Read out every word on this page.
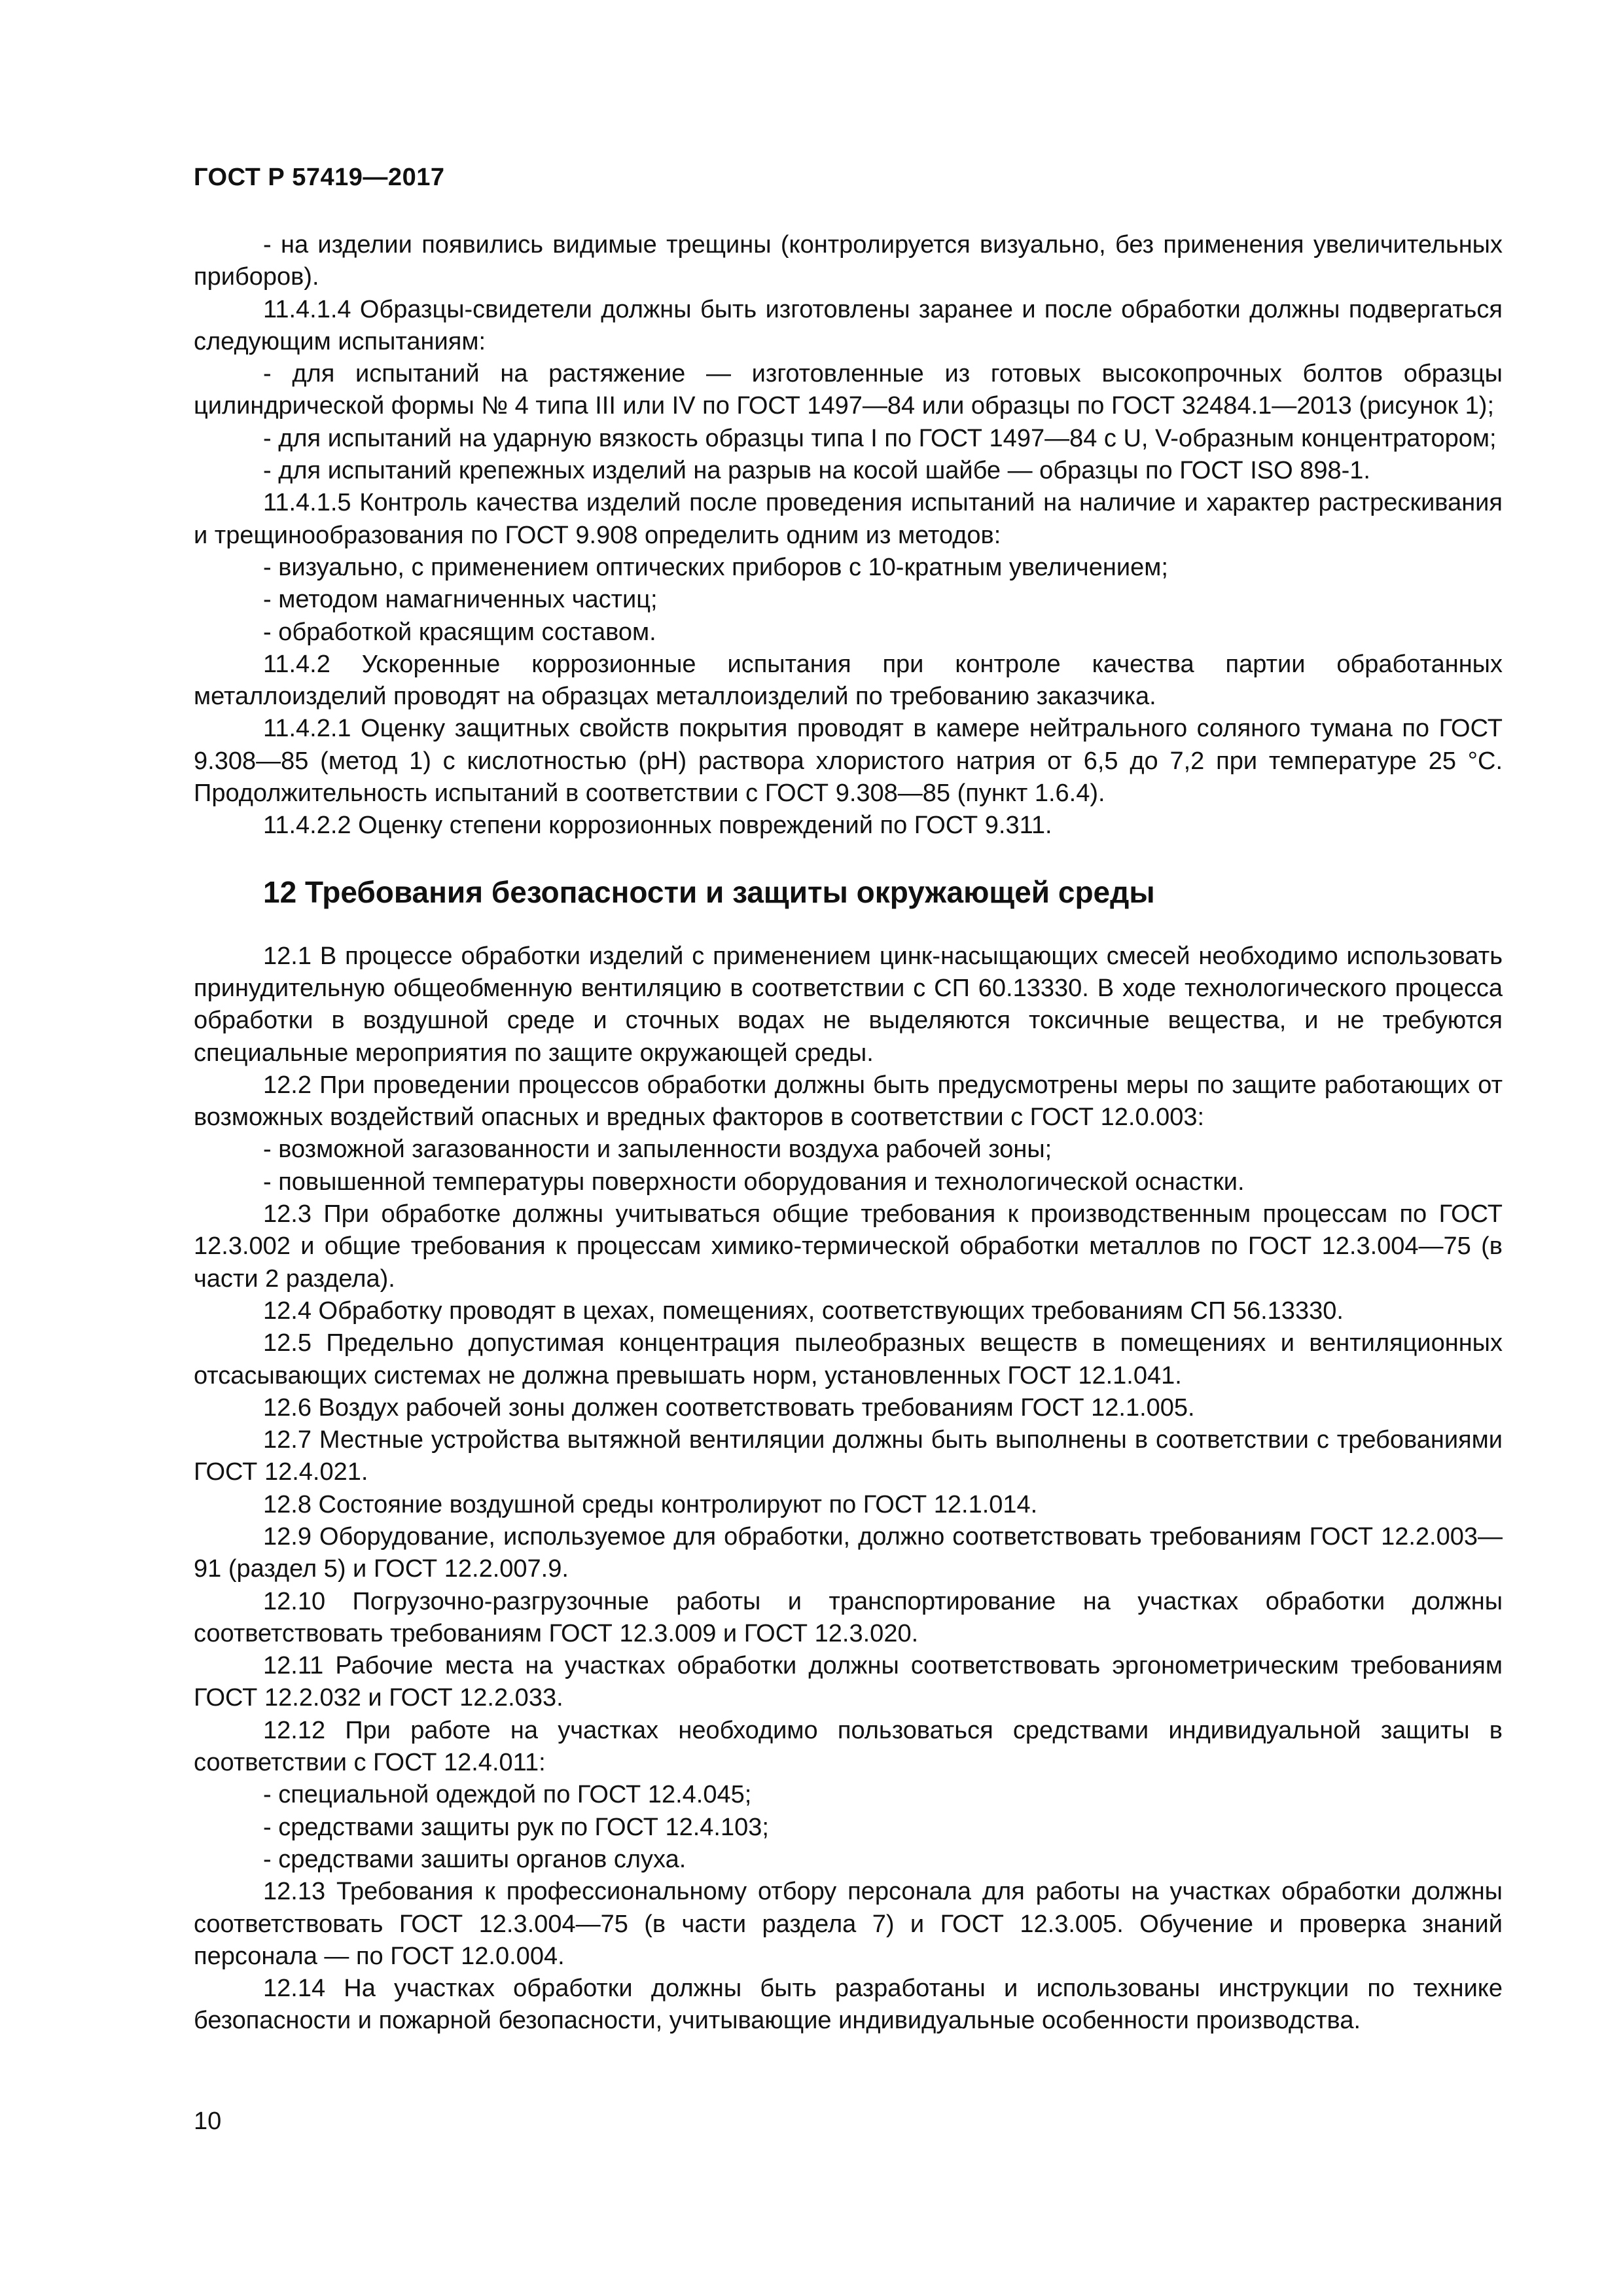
ГОСТ Р 57419—2017

- на изделии появились видимые трещины (контролируется визуально, без применения увеличительных приборов).

11.4.1.4 Образцы-свидетели должны быть изготовлены заранее и после обработки должны подвергаться следующим испытаниям:

- для испытаний на растяжение — изготовленные из готовых высокопрочных болтов образцы цилиндрической формы № 4 типа III или IV по ГОСТ 1497—84 или образцы по ГОСТ 32484.1—2013 (рисунок 1);

- для испытаний на ударную вязкость образцы типа I по ГОСТ 1497—84 с U, V-образным концентратором;

- для испытаний крепежных изделий на разрыв на косой шайбе — образцы по ГОСТ ISO 898-1.

11.4.1.5 Контроль качества изделий после проведения испытаний на наличие и характер растрескивания и трещинообразования по ГОСТ 9.908 определить одним из методов:

- визуально, с применением оптических приборов с 10-кратным увеличением;

- методом намагниченных частиц;

- обработкой красящим составом.

11.4.2 Ускоренные коррозионные испытания при контроле качества партии обработанных металлоизделий проводят на образцах металлоизделий по требованию заказчика.

11.4.2.1 Оценку защитных свойств покрытия проводят в камере нейтрального соляного тумана по ГОСТ 9.308—85 (метод 1) с кислотностью (рН) раствора хлористого натрия от 6,5 до 7,2 при температуре 25 °С. Продолжительность испытаний в соответствии с ГОСТ 9.308—85 (пункт 1.6.4).

11.4.2.2 Оценку степени коррозионных повреждений по ГОСТ 9.311.

12 Требования безопасности и защиты окружающей среды

12.1 В процессе обработки изделий с применением цинк-насыщающих смесей необходимо использовать принудительную общеобменную вентиляцию в соответствии с СП 60.13330. В ходе технологического процесса обработки в воздушной среде и сточных водах не выделяются токсичные вещества, и не требуются специальные мероприятия по защите окружающей среды.

12.2 При проведении процессов обработки должны быть предусмотрены меры по защите работающих от возможных воздействий опасных и вредных факторов в соответствии с ГОСТ 12.0.003:

- возможной загазованности и запыленности воздуха рабочей зоны;

- повышенной температуры поверхности оборудования и технологической оснастки.

12.3 При обработке должны учитываться общие требования к производственным процессам по ГОСТ 12.3.002 и общие требования к процессам химико-термической обработки металлов по ГОСТ 12.3.004—75 (в части 2 раздела).

12.4 Обработку проводят в цехах, помещениях, соответствующих требованиям СП 56.13330.

12.5 Предельно допустимая концентрация пылеобразных веществ в помещениях и вентиляционных отсасывающих системах не должна превышать норм, установленных ГОСТ 12.1.041.

12.6 Воздух рабочей зоны должен соответствовать требованиям ГОСТ 12.1.005.

12.7 Местные устройства вытяжной вентиляции должны быть выполнены в соответствии с требованиями ГОСТ 12.4.021.

12.8 Состояние воздушной среды контролируют по ГОСТ 12.1.014.

12.9 Оборудование, используемое для обработки, должно соответствовать требованиям ГОСТ 12.2.003—91 (раздел 5) и ГОСТ 12.2.007.9.

12.10 Погрузочно-разгрузочные работы и транспортирование на участках обработки должны соответствовать требованиям ГОСТ 12.3.009 и ГОСТ 12.3.020.

12.11 Рабочие места на участках обработки должны соответствовать эргонометрическим требованиям ГОСТ 12.2.032 и ГОСТ 12.2.033.

12.12 При работе на участках необходимо пользоваться средствами индивидуальной защиты в соответствии с ГОСТ 12.4.011:

- специальной одеждой по ГОСТ 12.4.045;

- средствами защиты рук по ГОСТ 12.4.103;

- средствами зашиты органов слуха.

12.13 Требования к профессиональному отбору персонала для работы на участках обработки должны соответствовать ГОСТ 12.3.004—75 (в части раздела 7) и ГОСТ 12.3.005. Обучение и проверка знаний персонала — по ГОСТ 12.0.004.

12.14 На участках обработки должны быть разработаны и использованы инструкции по технике безопасности и пожарной безопасности, учитывающие индивидуальные особенности производства.

10
